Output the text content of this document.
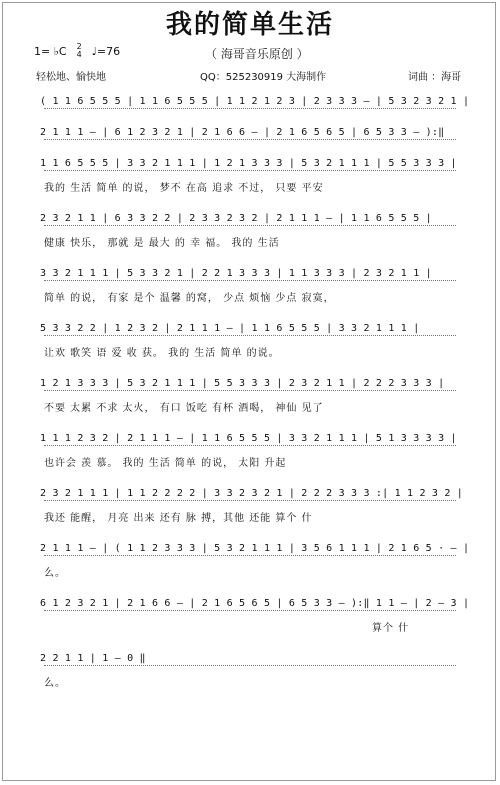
我的简单生活
1= ♭C 2
4 ♩=76	（ 海哥音乐原创 ）
轻松地、愉快地	QQ：525230919 大海制作	词曲 ：海哥
( 1 1 6 5 5 5 | 1 1 6 5 5 5 | 1 1 2 1 2 3 | 2 3 3 3 — | 5 3 2 3 2 1 |
2 1 1 1 — | 6 1 2 3 2 1 | 2 1 6 6 — | 2 1 6 5 6 5 | 6 5 3 3 — ):‖
1 1 6 5 5 5 | 3 3 2 1 1 1 | 1 2 1 3 3 3 | 5 3 2 1 1 1 | 5 5 3 3 3 |
我的 生活 简单 的说， 梦不 在高 追求 不过， 只要 平安
2 3 2 1 1 | 6 3 3 2 2 | 2 3 3 2 3 2 | 2 1 1 1 — | 1 1 6 5 5 5 |
健康 快乐， 那就 是 最大 的 幸 福。 我的 生活
3 3 2 1 1 1 | 5 3 3 2 1 | 2 2 1 3 3 3 | 1 1 3 3 3 | 2 3 2 1 1 |
简单 的说， 有家 是个 温馨 的窝， 少点 烦恼 少点 寂寞，
5 3 3 2 2 | 1 2 3 2 | 2 1 1 1 — | 1 1 6 5 5 5 | 3 3 2 1 1 1 |
让欢 歌笑 语 爱 收 获。 我的 生活 简单 的说。
1 2 1 3 3 3 | 5 3 2 1 1 1 | 5 5 3 3 3 | 2 3 2 1 1 | 2 2 2 3 3 3 |
不要 太累 不求 太火， 有口 饭吃 有杯 酒喝， 神仙 见了
1 1 1 2 3 2 | 2 1 1 1 — | 1 1 6 5 5 5 | 3 3 2 1 1 1 | 5 1 3 3 3 3 |
也许会 羡 慕。 我的 生活 简单 的说， 太阳 升起
2 3 2 1 1 1 | 1 1 2 2 2 2 | 3 3 2 3 2 1 | 2 2 2 3 3 3 :| 1 1 2 3 2 |
我还 能醒， 月亮 出来 还有 脉 搏，其他 还能 算个 什
2 1 1 1 — | ( 1 1 2 3 3 3 | 5 3 2 1 1 1 | 3 5 6 1 1 1 | 2 1 6 5 · — |
么。
6 1 2 3 2 1 | 2 1 6 6 — | 2 1 6 5 6 5 | 6 5 3 3 — ):‖ 1 1 — | 2 — 3 |
算个 什
2 2 1 1 | 1 — 0 ‖
么。
